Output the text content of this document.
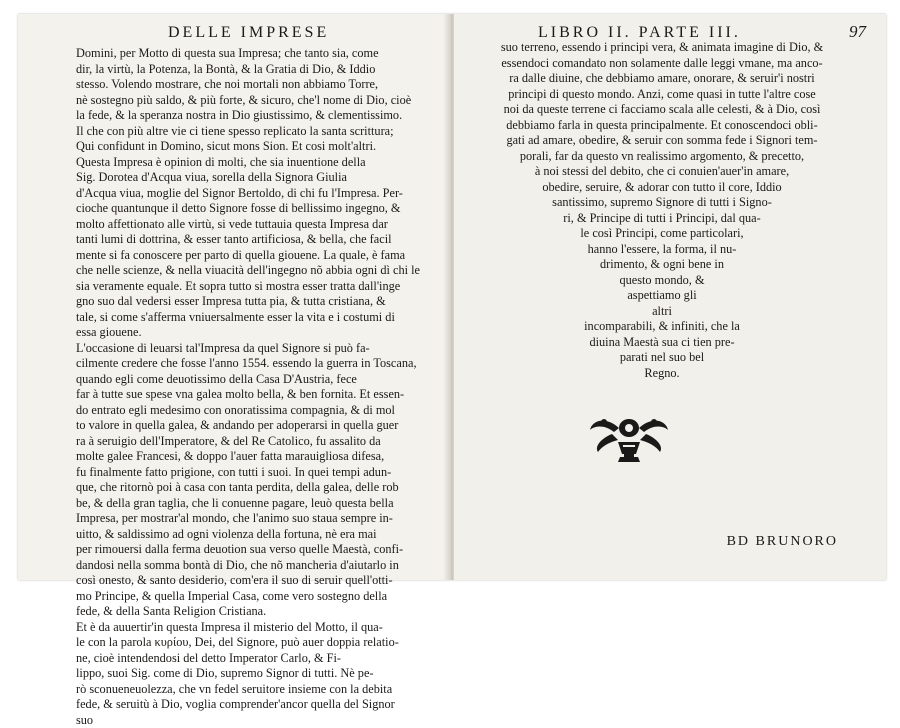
DELLE IMPRESE
Domini, per Motto di questa sua Impresa; che tanto sia, come
dir, la virtù, la Potenza, la Bontà, & la Gratia di Dio, & Iddio
stesso. Volendo mostrare, che noi mortali non abbiamo Torre,
nè sostegno più saldo, & più forte, & sicuro, che'l nome di Dio, cioè
la fede, & la speranza nostra in Dio giustissimo, & clementissimo.
Il che con più altre vie ci tiene spesso replicato la santa scrittura;
Qui confidunt in Domino, sicut mons Sion. Et cosi molt'altri.
Questa Impresa è opinion di molti, che sia inuentione della
Sig. Dorotea d'Acqua viua, sorella della Signora Giulia
d'Acqua viua, moglie del Signor Bertoldo, di chi fu l'Impresa. Per-
cioche quantunque il detto Signore fosse di bellissimo ingegno, &
molto affettionato alle virtù, si vede tuttauia questa Impresa dar
tanti lumi di dottrina, & esser tanto artificiosa, & bella, che facil
mente si fa conoscere per parto di quella giouene. La quale, è fama
che nelle scienze, & nella viuacità dell'ingegno nõ abbia ogni dì chi le
sia veramente equale. Et sopra tutto si mostra esser tratta dall'inge
gno suo dal vedersi esser Impresa tutta pia, & tutta cristiana, &
tale, si come s'afferma vniuersalmente esser la vita e i costumi di
essa giouene.
L'occasione di leuarsi tal'Impresa da quel Signore si può fa-
cilmente credere che fosse l'anno 1554. essendo la guerra in Toscana,
quando egli come deuotissimo della Casa D'Austria, fece
far à tutte sue spese vna galea molto bella, & ben fornita. Et essen-
do entrato egli medesimo con onoratissima compagnia, & di mol
to valore in quella galea, & andando per adoperarsi in quella guer
ra à seruigio dell'Imperatore, & del Re Catolico, fu assalito da
molte galee Francesi, & doppo l'auer fatta marauigliosa difesa,
fu finalmente fatto prigione, con tutti i suoi. In quei tempi adun-
que, che ritornò poi à casa con tanta perdita, della galea, delle rob
be, & della gran taglia, che li conuenne pagare, leuò questa bella
Impresa, per mostrar'al mondo, che l'animo suo staua sempre in-
uitto, & saldissimo ad ogni violenza della fortuna, nè era mai
per rimouersi dalla ferma deuotion sua verso quelle Maestà, confi-
dandosi nella somma bontà di Dio, che nõ mancheria d'aiutarlo in
così onesto, & santo desiderio, com'era il suo di seruir quell'otti-
mo Principe, & quella Imperial Casa, come vero sostegno della
fede, & della Santa Religion Cristiana.
Et è da auuertir'in questa Impresa il misterio del Motto, il qua-
le con la parola κυρίου, Dei, del Signore, può auer doppia relatio-
ne, cioè intendendosi del detto Imperator Carlo, & Fi-
lippo, suoi Sig. come di Dio, supremo Signor di tutti. Nè pe-
rò sconueneuolezza, che vn fedel seruitore insieme con la debita
fede, & seruitù à Dio, voglia comprender'ancor quella del Signor
suo
LIBRO II. PARTE III.	97
suo terreno, essendo i principi vera, & animata imagine di Dio, &
essendoci comandato non solamente dalle leggi vmane, ma anco-
ra dalle diuine, che debbiamo amare, onorare, & seruir'i nostri
principi di questo mondo. Anzi, come quasi in tutte l'altre cose
noi da queste terrene ci facciamo scala alle celesti, & à Dio, così
debbiamo farla in questa principalmente. Et conoscendoci obli-
gati ad amare, obedire, & seruir con somma fede i Signori tem-
porali, far da questo vn realissimo argomento, & precetto,
à noi stessi del debito, che ci conuien'auer'in amare,
obedire, seruire, & adorar con tutto il core, Iddio
santissimo, supremo Signore di tutti i Signo-
ri, & Principe di tutti i Principi, dal qua-
le così Principi, come particolari,
hanno l'essere, la forma, il nu-
drimento, & ogni bene in
questo mondo, &
aspettiamo gli
altri
incomparabili, & infiniti, che la
diuina Maestà sua ci tien pre-
parati nel suo bel
Regno.
BD BRUNORO
